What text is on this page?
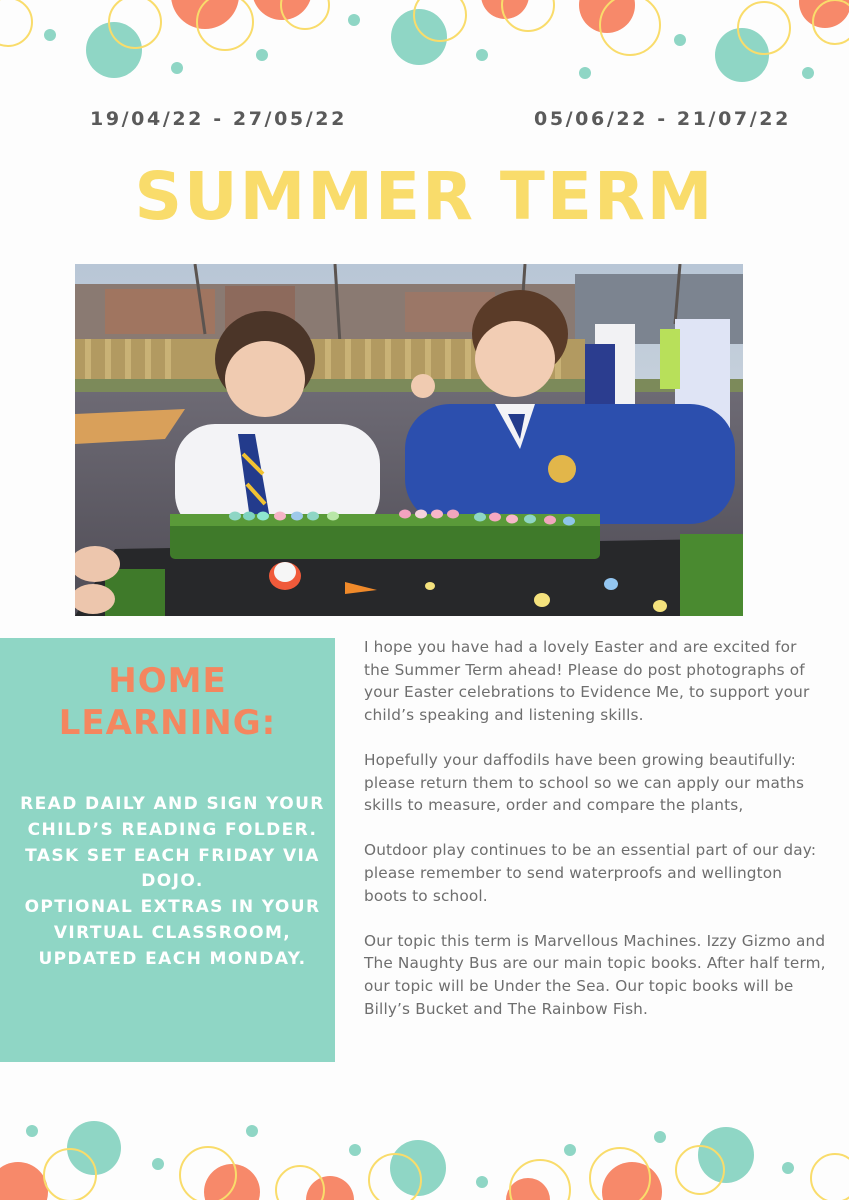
19/04/22 - 27/05/22	05/06/22 - 21/07/22
SUMMER TERM
HOME
LEARNING:
READ DAILY AND SIGN YOUR CHILD’S READING FOLDER.
TASK SET EACH FRIDAY VIA DOJO.
OPTIONAL EXTRAS IN YOUR VIRTUAL CLASSROOM, UPDATED EACH MONDAY.

I hope you have had a lovely Easter and are excited for the Summer Term ahead! Please do post photographs of your Easter celebrations to Evidence Me, to support your child’s speaking and listening skills.

Hopefully your daffodils have been growing beautifully: please return them to school so we can apply our maths skills to measure, order and compare the plants,

Outdoor play continues to be an essential part of our day: please remember to send waterproofs and wellington boots to school.

Our topic this term is Marvellous Machines. Izzy Gizmo and The Naughty Bus are our main topic books. After half term, our topic will be Under the Sea. Our topic books will be Billy’s Bucket and The Rainbow Fish.
